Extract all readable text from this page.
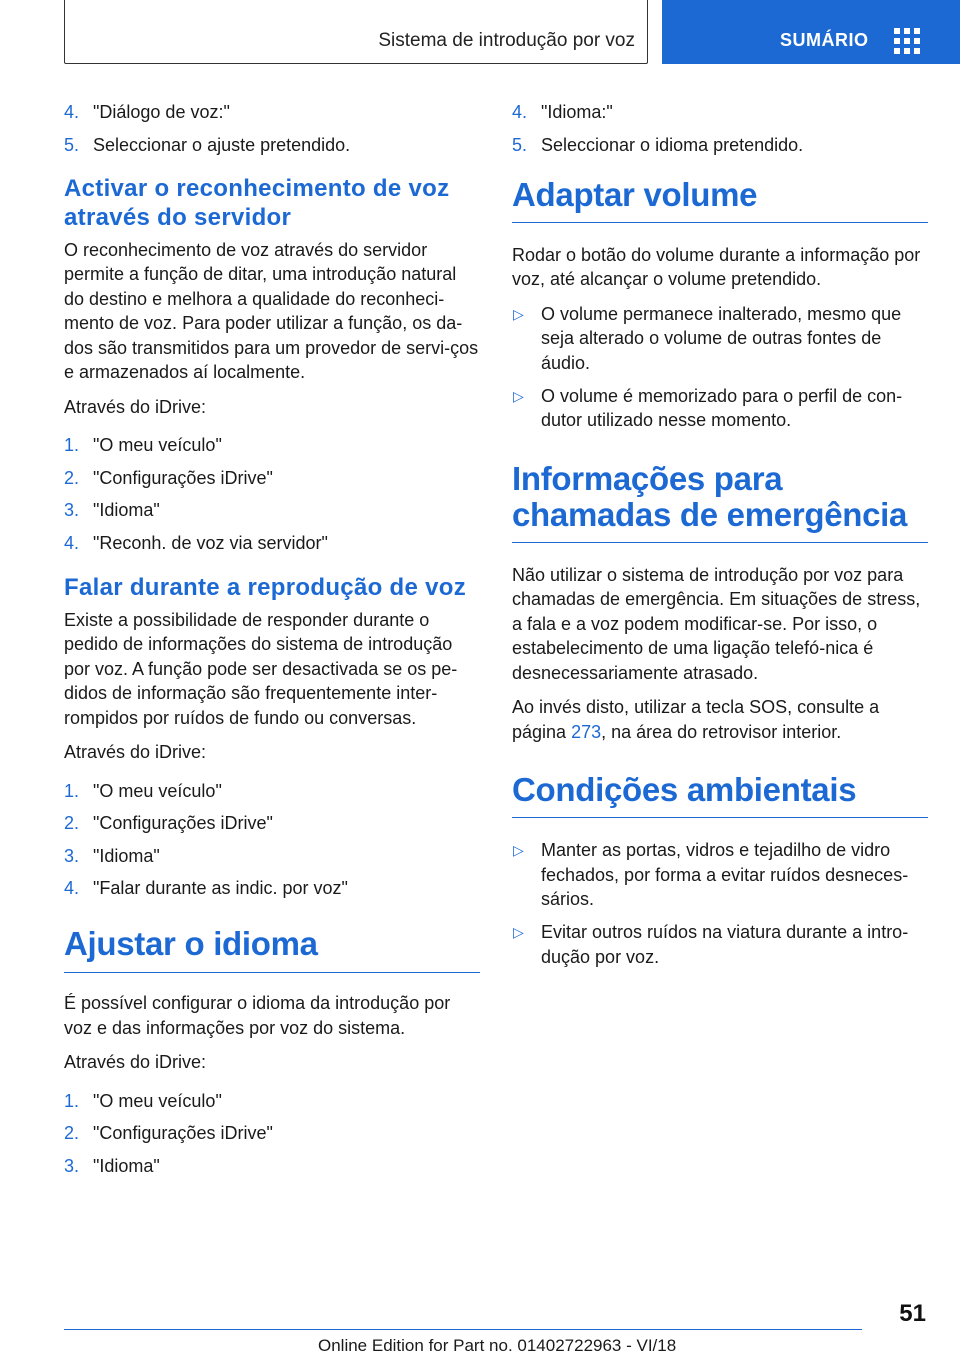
Sistema de introdução por voz	SUMÁRIO
4. "Diálogo de voz:"
5. Seleccionar o ajuste pretendido.
Activar o reconhecimento de voz através do servidor

O reconhecimento de voz através do servidor permite a função de ditar, uma introdução natural do destino e melhora a qualidade do reconheci-mento de voz. Para poder utilizar a função, os da-dos são transmitidos para um provedor de servi-ços e armazenados aí localmente.

Através do iDrive:

1. "O meu veículo"
2. "Configurações iDrive"
3. "Idioma"
4. "Reconh. de voz via servidor"
Falar durante a reprodução de voz

Existe a possibilidade de responder durante o pedido de informações do sistema de introdução por voz. A função pode ser desactivada se os pe-didos de informação são frequentemente inter-rompidos por ruídos de fundo ou conversas.

Através do iDrive:

1. "O meu veículo"
2. "Configurações iDrive"
3. "Idioma"
4. "Falar durante as indic. por voz"
Ajustar o idioma

É possível configurar o idioma da introdução por voz e das informações por voz do sistema.

Através do iDrive:

1. "O meu veículo"
2. "Configurações iDrive"
3. "Idioma"
4. "Idioma:"
5. Seleccionar o idioma pretendido.
Adaptar volume

Rodar o botão do volume durante a informação por voz, até alcançar o volume pretendido.

▷ O volume permanece inalterado, mesmo que seja alterado o volume de outras fontes de áudio.
▷ O volume é memorizado para o perfil de con-dutor utilizado nesse momento.
Informações para chamadas de emergência

Não utilizar o sistema de introdução por voz para chamadas de emergência. Em situações de stress, a fala e a voz podem modificar-se. Por isso, o estabelecimento de uma ligação telefó-nica é desnecessariamente atrasado.

Ao invés disto, utilizar a tecla SOS, consulte a página 273, na área do retrovisor interior.

Condições ambientais
▷ Manter as portas, vidros e tejadilho de vidro fechados, por forma a evitar ruídos desneces-sários.
▷ Evitar outros ruídos na viatura durante a intro-dução por voz.
51
Online Edition for Part no. 01402722963 - VI/18
